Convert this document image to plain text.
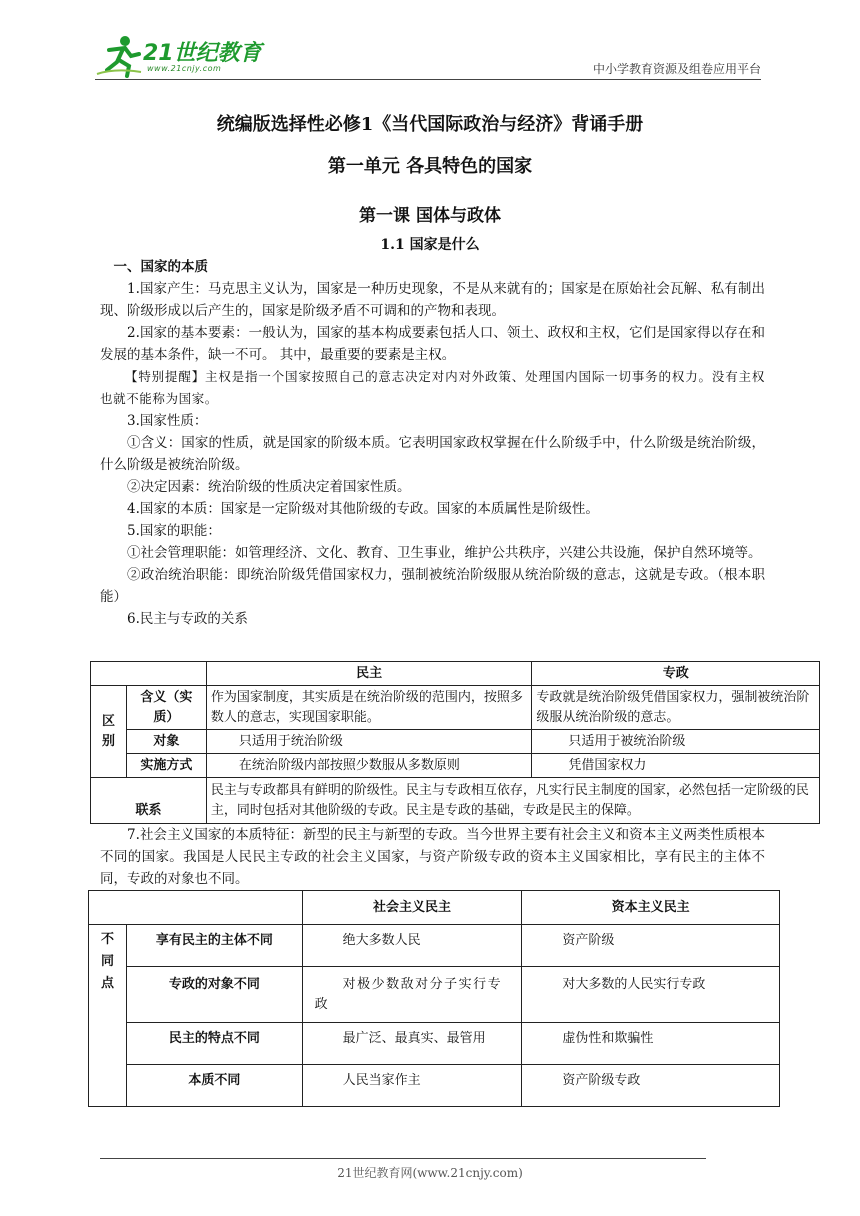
21世纪教育
www.21cnjy.com	中小学教育资源及组卷应用平台
统编版选择性必修1《当代国际政治与经济》背诵手册
第一单元 各具特色的国家
第一课 国体与政体
1.1 国家是什么

一、国家的本质

1.国家产生：马克思主义认为，国家是一种历史现象，不是从来就有的；国家是在原始社会瓦解、私有制出现、阶级形成以后产生的，国家是阶级矛盾不可调和的产物和表现。

2.国家的基本要素：一般认为，国家的基本构成要素包括人口、领土、政权和主权，它们是国家得以存在和发展的基本条件，缺一不可。 其中，最重要的要素是主权。

【特别提醒】主权是指一个国家按照自己的意志决定对内对外政策、处理国内国际一切事务的权力。没有主权也就不能称为国家。

3.国家性质：

①含义：国家的性质，就是国家的阶级本质。它表明国家政权掌握在什么阶级手中，什么阶级是统治阶级，什么阶级是被统治阶级。

②决定因素：统治阶级的性质决定着国家性质。

4.国家的本质：国家是一定阶级对其他阶级的专政。国家的本质属性是阶级性。

5.国家的职能：

①社会管理职能：如管理经济、文化、教育、卫生事业，维护公共秩序，兴建公共设施，保护自然环境等。

②政治统治职能：即统治阶级凭借国家权力，强制被统治阶级服从统治阶级的意志，这就是专政。（根本职能）

6.民主与专政的关系

		民主	专政
区别	含义（实质）	作为国家制度，其实质是在统治阶级的范围内，按照多数人的意志，实现国家职能。	专政就是统治阶级凭借国家权力，强制被统治阶级服从统治阶级的意志。
	对象	只适用于统治阶级	只适用于被统治阶级
	实施方式	在统治阶级内部按照少数服从多数原则	凭借国家权力
联系		民主与专政都具有鲜明的阶级性。民主与专政相互依存，凡实行民主制度的国家，必然包括一定阶级的民主，同时包括对其他阶级的专政。民主是专政的基础，专政是民主的保障。	

7.社会主义国家的本质特征：新型的民主与新型的专政。当今世界主要有社会主义和资本主义两类性质根本不同的国家。我国是人民民主专政的社会主义国家，与资产阶级专政的资本主义国家相比，享有民主的主体不同，专政的对象也不同。

		社会主义民主	资本主义民主
不同点	享有民主的主体不同	绝大多数人民	资产阶级
	专政的对象不同	对极少数敌对分子实行专政	对大多数的人民实行专政
	民主的特点不同	最广泛、最真实、最管用	虚伪性和欺骗性
	本质不同	人民当家作主	资产阶级专政
21世纪教育网(www.21cnjy.com)
